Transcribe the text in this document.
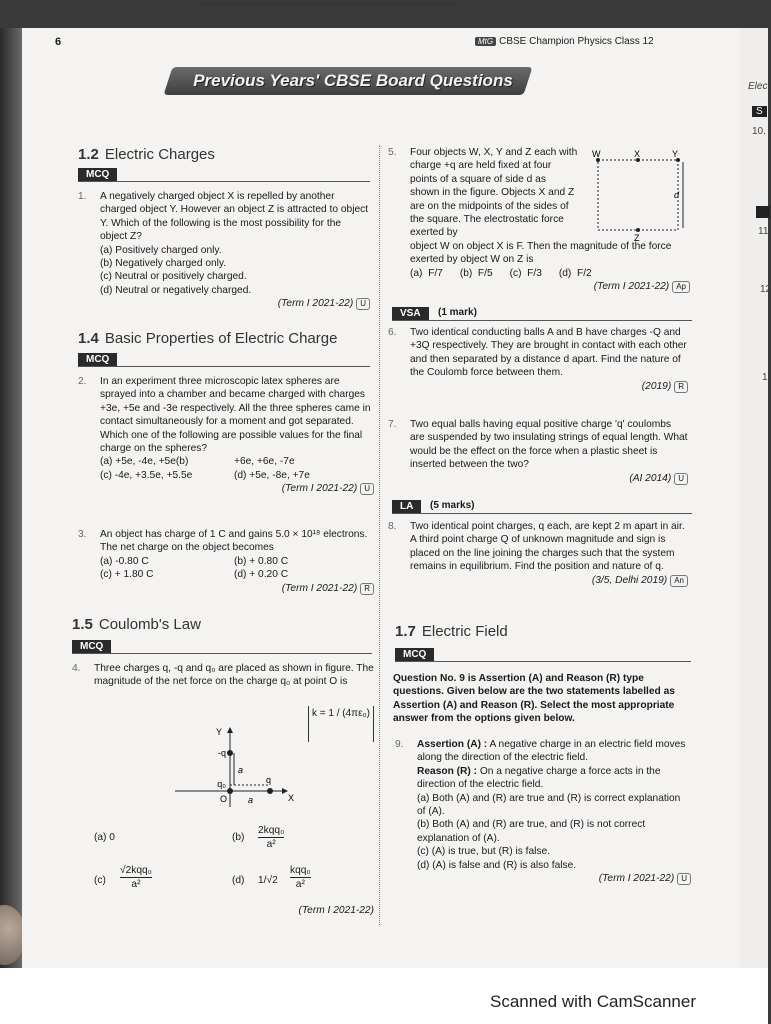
Elec
S
10.
11
12
1
6	MtG CBSE Champion Physics Class 12
Previous Years' CBSE Board Questions
1.2 Electric Charges
MCQ
1. A negatively charged object X is repelled by another charged object Y. However an object Z is attracted to object Y. Which of the following is the most possibility for the object Z?
(a) Positively charged only.
(b) Negatively charged only.
(c) Neutral or positively charged.
(d) Neutral or negatively charged.
(Term I 2021-22) U
1.4 Basic Properties of Electric Charge
MCQ
2. In an experiment three microscopic latex spheres are sprayed into a chamber and became charged with charges +3e, +5e and -3e respectively. All the three spheres came in contact simultaneously for a moment and got separated. Which one of the following are possible values for the final charge on the spheres?
(a) +5e, -4e, +5e(b)	+6e, +6e, -7e
(c) -4e, +3.5e, +5.5e	(d) +5e, -8e, +7e
(Term I 2021-22) U
3. An object has charge of 1 C and gains 5.0 × 10¹⁸ electrons. The net charge on the object becomes
(a) -0.80 C	(b) + 0.80 C
(c) + 1.80 C	(d) + 0.20 C
(Term I 2021-22) R
1.5 Coulomb's Law
MCQ
4. Three charges q, -q and q₀ are placed as shown in figure. The magnitude of the net force on the charge q₀ at point O is
k = 1 / (4πε₀)
Y
X
-q
q₀	q
O
a
a
(a) 0	(b)
2kqq₀
a²
(c)
√2kqq₀
a²	(d) 1/√2
kqq₀
a²
(Term I 2021-22)
5. Four objects W, X, Y and Z each with charge +q are held fixed at four points of a square of side d as shown in the figure. Objects X and Z are on the midpoints of the sides of the square. The electrostatic force exerted by
W	X	Y
Z
d
object W on object X is F. Then the magnitude of the force exerted by object W on Z is
(a)  F/7      (b)  F/5      (c)  F/3      (d)  F/2
(Term I 2021-22) Ap
VSA	(1 mark)
6. Two identical conducting balls A and B have charges -Q and +3Q respectively. They are brought in contact with each other and then separated by a distance d apart. Find the nature of the Coulomb force between them.
(2019) R
7. Two equal balls having equal positive charge 'q' coulombs are suspended by two insulating strings of equal length. What would be the effect on the force when a plastic sheet is inserted between the two?
(AI 2014) U
LA	(5 marks)
8. Two identical point charges, q each, are kept 2 m apart in air. A third point charge Q of unknown magnitude and sign is placed on the line joining the charges such that the system remains in equilibrium. Find the position and nature of q.
(3/5, Delhi 2019) An
1.7 Electric Field
MCQ
Question No. 9 is Assertion (A) and Reason (R) type questions. Given below are the two statements labelled as Assertion (A) and Reason (R). Select the most appropriate answer from the options given below.
9. Assertion (A) : A negative charge in an electric field moves along the direction of the electric field.
Reason (R) : On a negative charge a force acts in the direction of the electric field.
(a) Both (A) and (R) are true and (R) is correct explanation of (A).
(b) Both (A) and (R) are true, and (R) is not correct explanation of (A).
(c) (A) is true, but (R) is false.
(d) (A) is false and (R) is also false.
(Term I 2021-22) U
Scanned with CamScanner
